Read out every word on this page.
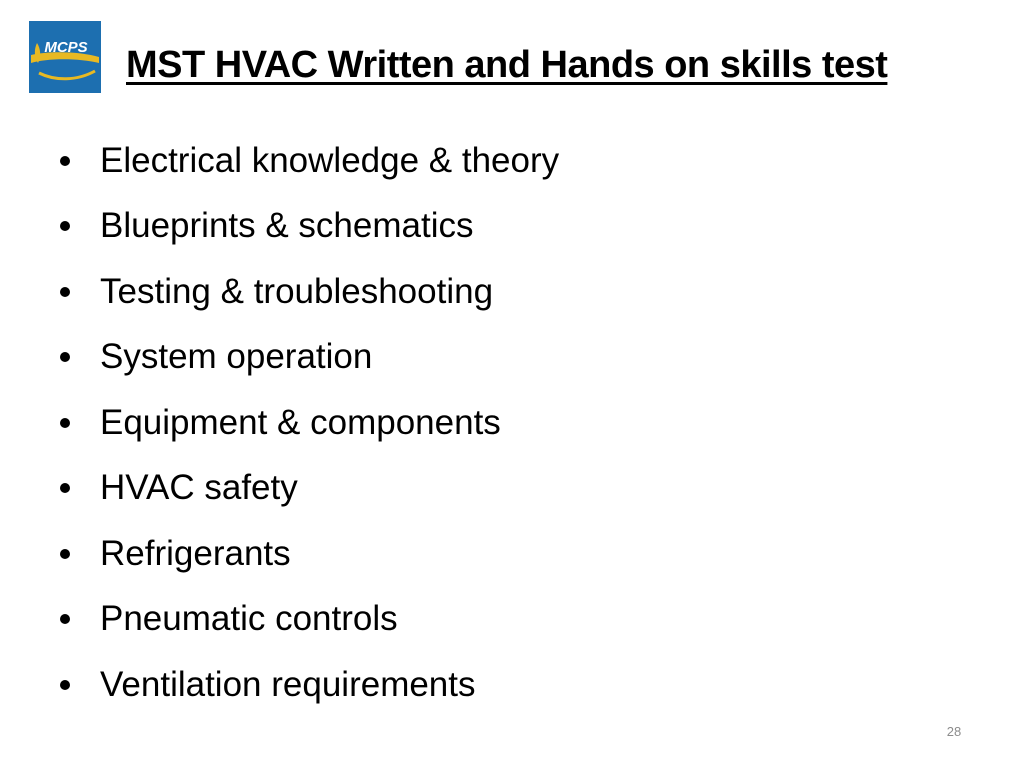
MCPS MST HVAC Written and Hands on skills test
Electrical knowledge & theory
Blueprints & schematics
Testing & troubleshooting
System operation
Equipment & components
HVAC safety
Refrigerants
Pneumatic controls
Ventilation requirements
28
